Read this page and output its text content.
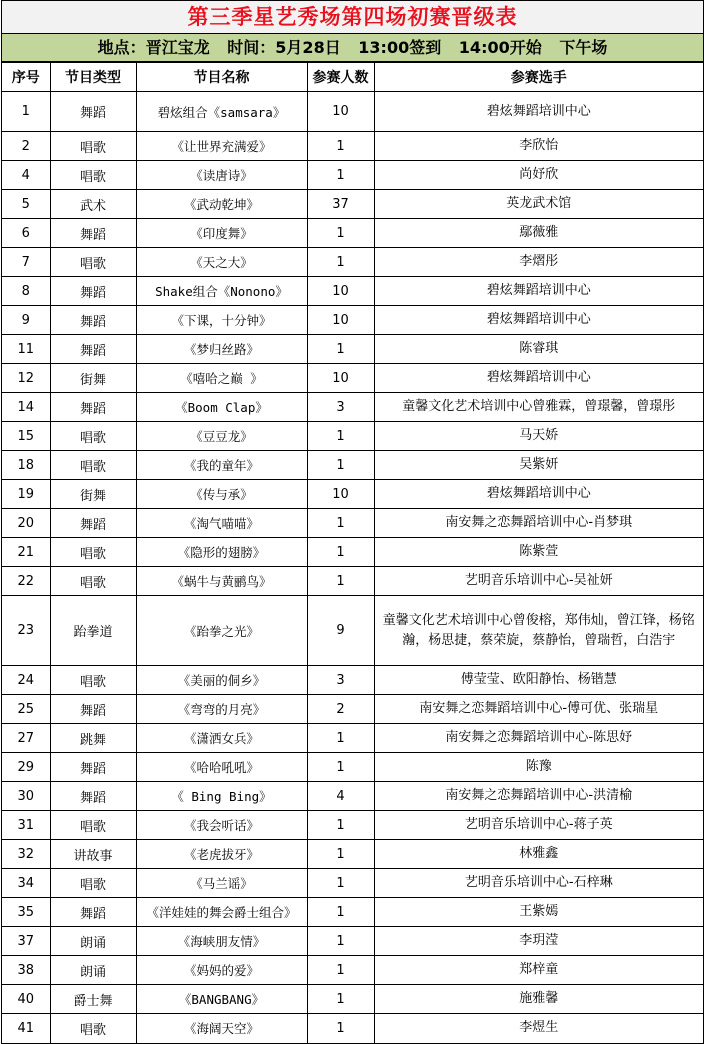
第三季星艺秀场第四场初赛晋级表
地点：晋江宝龙 时间：5月28日 13:00签到 14:00开始 下午场
序号	节目类型	节目名称	参赛人数	参赛选手
1	舞蹈	碧炫组合《samsara》	10	碧炫舞蹈培训中心
2	唱歌	《让世界充满爱》	1	李欣怡
4	唱歌	《读唐诗》	1	尚妤欣
5	武术	《武动乾坤》	37	英龙武术馆
6	舞蹈	《印度舞》	1	鄢薇雅
7	唱歌	《天之大》	1	李熠彤
8	舞蹈	Shake组合《Nonono》	10	碧炫舞蹈培训中心
9	舞蹈	《下课，十分钟》	10	碧炫舞蹈培训中心
11	舞蹈	《梦归丝路》	1	陈睿琪
12	街舞	《嘻哈之巅 》	10	碧炫舞蹈培训中心
14	舞蹈	《Boom Clap》	3	童馨文化艺术培训中心曾雅霖，曾璟馨，曾璟彤
15	唱歌	《豆豆龙》	1	马天娇
18	唱歌	《我的童年》	1	吴紫妍
19	街舞	《传与承》	10	碧炫舞蹈培训中心
20	舞蹈	《淘气喵喵》	1	南安舞之恋舞蹈培训中心-肖梦琪
21	唱歌	《隐形的翅膀》	1	陈紫萱
22	唱歌	《蜗牛与黄鹂鸟》	1	艺明音乐培训中心-吴祉妍
23	跆拳道	《跆拳之光》	9	童馨文化艺术培训中心曾俊榕，郑伟灿，曾江锋，杨铭瀚，杨思捷，蔡荣旋，蔡静怡，曾瑞哲，白浩宇
24	唱歌	《美丽的侗乡》	3	傅莹莹、欧阳静怡、杨锴慧
25	舞蹈	《弯弯的月亮》	2	南安舞之恋舞蹈培训中心-傅可优、张瑞星
27	跳舞	《潇洒女兵》	1	南安舞之恋舞蹈培训中心-陈思妤
29	舞蹈	《哈哈吼吼》	1	陈豫
30	舞蹈	《 Bing Bing》	4	南安舞之恋舞蹈培训中心-洪清榆
31	唱歌	《我会听话》	1	艺明音乐培训中心-蒋子英
32	讲故事	《老虎拔牙》	1	林雅鑫
34	唱歌	《马兰谣》	1	艺明音乐培训中心-石梓琳
35	舞蹈	《洋娃娃的舞会爵士组合》	1	王紫嫣
37	朗诵	《海峡朋友情》	1	李玥滢
38	朗诵	《妈妈的爱》	1	郑梓童
40	爵士舞	《BANGBANG》	1	施雅馨
41	唱歌	《海阔天空》	1	李煜生
